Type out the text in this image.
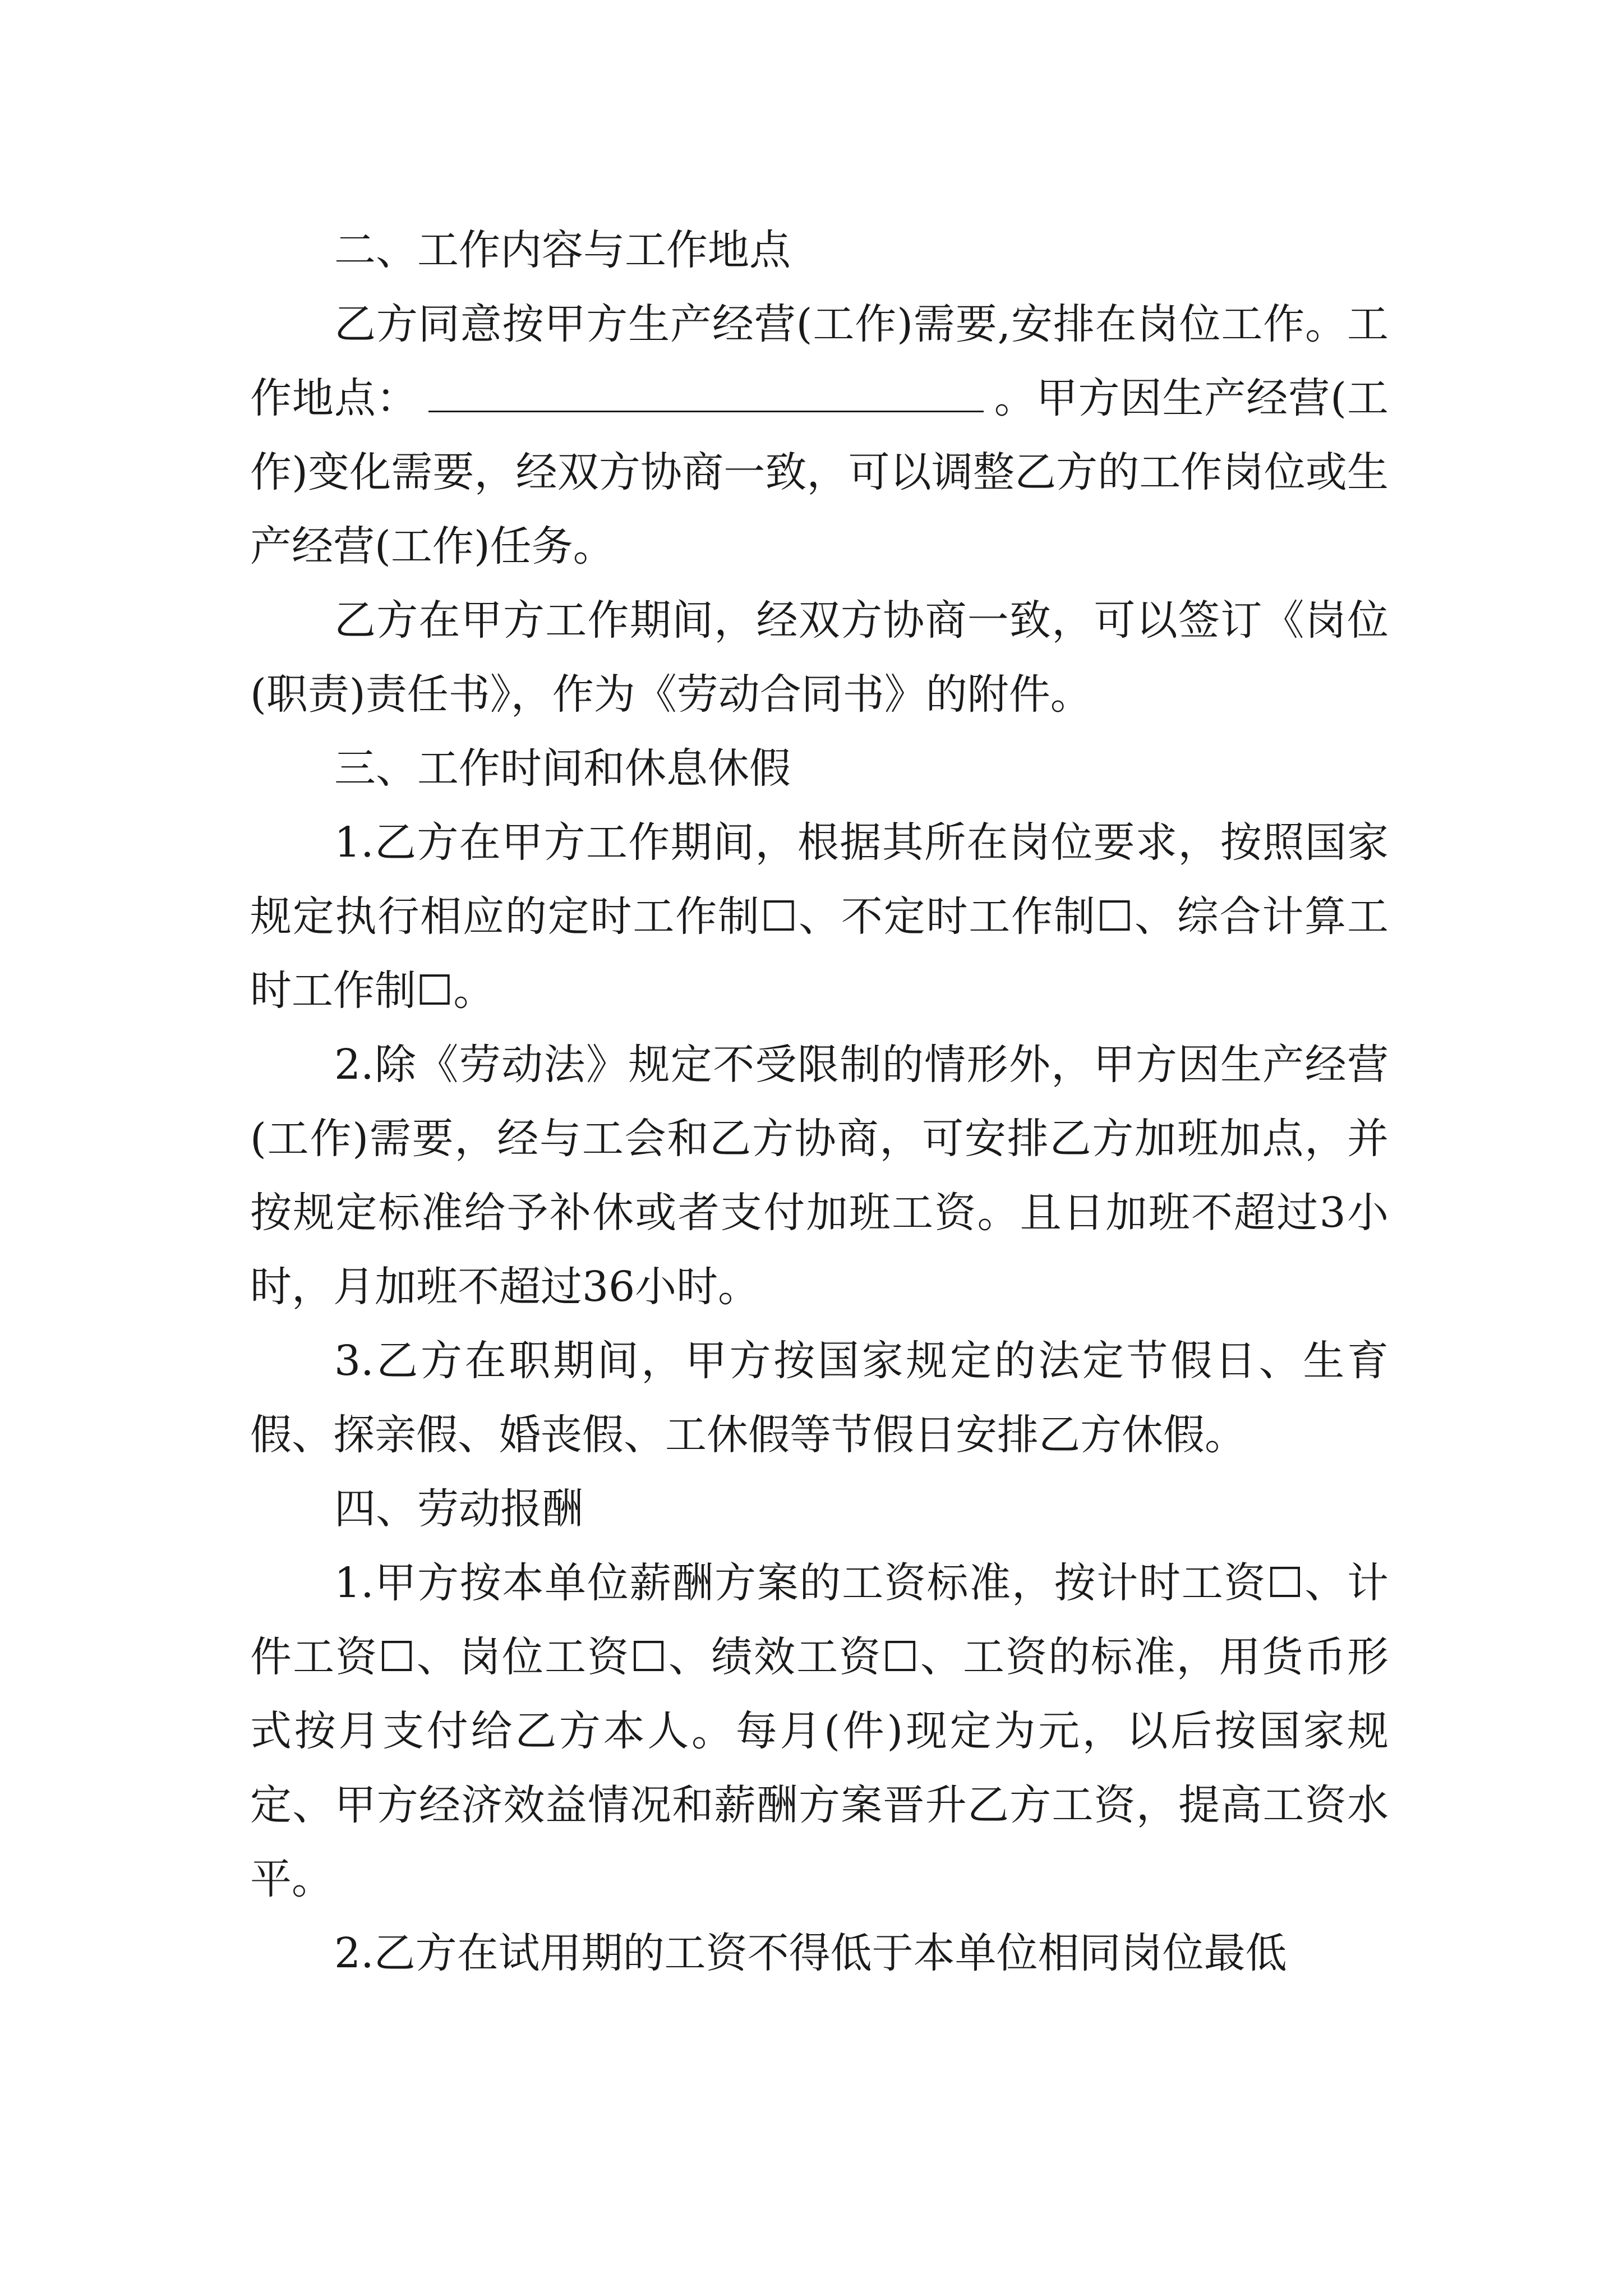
二、工作内容与工作地点

乙方同意按甲方生产经营(工作)需要,安排在岗位工作。工作地点：	。甲方因生产经营(工作)变化需要，经双方协商一致，可以调整乙方的工作岗位或生产经营(工作)任务。

乙方在甲方工作期间，经双方协商一致，可以签订《岗位(职责)责任书》，作为《劳动合同书》的附件。

三、工作时间和休息休假

1.乙方在甲方工作期间，根据其所在岗位要求，按照国家规定执行相应的定时工作制☐、不定时工作制☐、综合计算工时工作制☐。

2.除《劳动法》规定不受限制的情形外，甲方因生产经营(工作)需要，经与工会和乙方协商，可安排乙方加班加点，并按规定标准给予补休或者支付加班工资。且日加班不超过3小时，月加班不超过36小时。

3.乙方在职期间，甲方按国家规定的法定节假日、生育假、探亲假、婚丧假、工休假等节假日安排乙方休假。

四、劳动报酬

1.甲方按本单位薪酬方案的工资标准，按计时工资☐、计件工资☐、岗位工资☐、绩效工资☐、工资的标准，用货币形式按月支付给乙方本人。每月(件)现定为元，以后按国家规定、甲方经济效益情况和薪酬方案晋升乙方工资，提高工资水平。

2.乙方在试用期的工资不得低于本单位相同岗位最低
